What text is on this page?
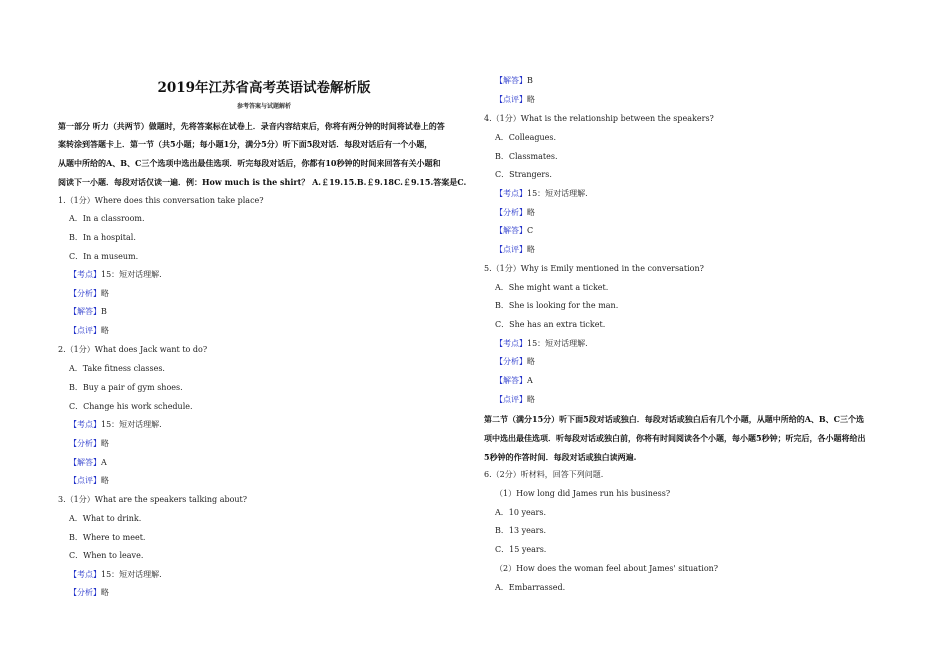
2019年江苏省高考英语试卷解析版
参考答案与试题解析
第一部分 听力（共两节）做题时，先将答案标在试卷上．录音内容结束后，你将有两分钟的时间将试卷上的答
案转涂到答题卡上．第一节（共5小题；每小题1分，满分5分）听下面5段对话．每段对话后有一个小题，
从题中所给的A、B、C三个选项中选出最佳选项．听完每段对话后，你都有10秒钟的时间来回答有关小题和
阅读下一小题．每段对话仅读一遍．例：How much is the shirt？ A.￡19.15.B.￡9.18C.￡9.15.答案是C.
1.（1分）Where does this conversation take place?
A．In a classroom.
B．In a hospital.
C．In a museum.
【考点】15：短对话理解.
【分析】略
【解答】B
【点评】略
2.（1分）What does Jack want to do?
A．Take fitness classes.
B．Buy a pair of gym shoes.
C．Change his work schedule.
【考点】15：短对话理解.
【分析】略
【解答】A
【点评】略
3.（1分）What are the speakers talking about?
A．What to drink.
B．Where to meet.
C．When to leave.
【考点】15：短对话理解.
【分析】略
【解答】B
【点评】略
4.（1分）What is the relationship between the speakers?
A．Colleagues.
B．Classmates.
C．Strangers.
【考点】15：短对话理解.
【分析】略
【解答】C
【点评】略
5.（1分）Why is Emily mentioned in the conversation?
A．She might want a ticket.
B．She is looking for the man.
C．She has an extra ticket.
【考点】15：短对话理解.
【分析】略
【解答】A
【点评】略
第二节（满分15分）听下面5段对话或独白．每段对话或独白后有几个小题，从题中所给的A、B、C三个选
项中选出最佳选项．听每段对话或独白前，你将有时间阅读各个小题，每小题5秒钟；听完后，各小题将给出
5秒钟的作答时间．每段对话或独白读两遍.
6.（2分）听材料，回答下列问题.
（1）How long did James run his business?
A．10 years.
B．13 years.
C．15 years.
（2）How does the woman feel about James' situation?
A．Embarrassed.
